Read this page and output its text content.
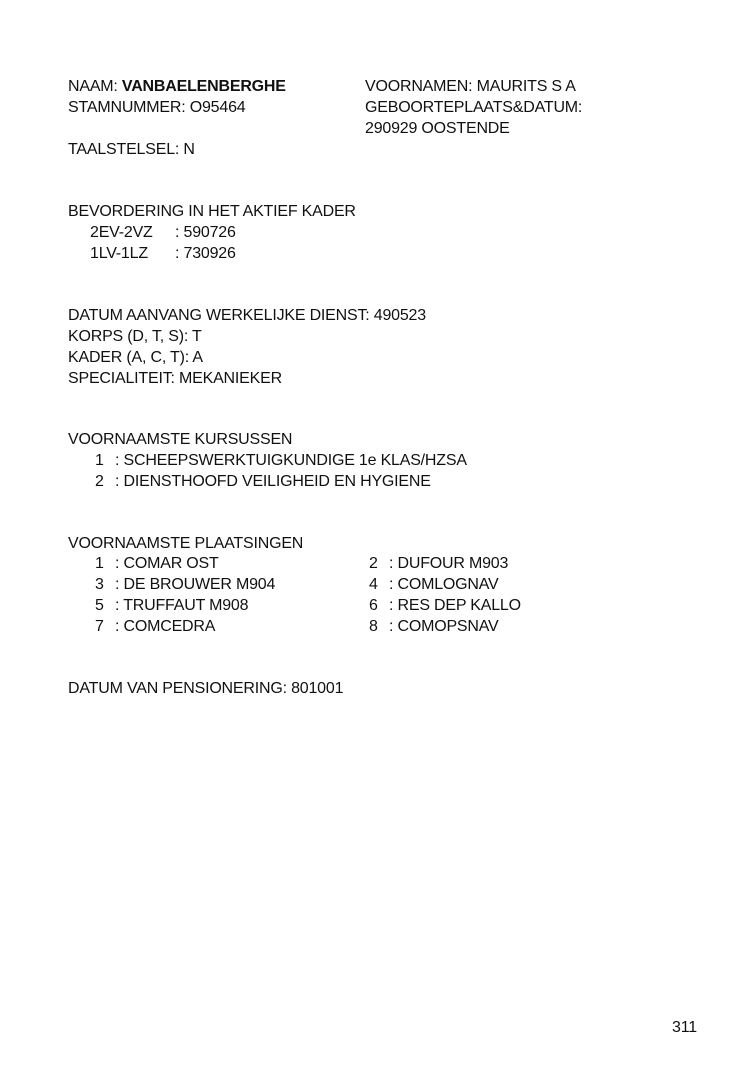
NAAM: VANBAELENBERGHE
STAMNUMMER: O95464
VOORNAMEN: MAURITS S A
GEBOORTEPLAATS&DATUM:
290929 OOSTENDE
TAALSTELSEL: N
BEVORDERING IN HET AKTIEF KADER
2EV-2VZ : 590726
1LV-1LZ : 730926
DATUM AANVANG WERKELIJKE DIENST: 490523
KORPS (D, T, S): T
KADER (A, C, T): A
SPECIALITEIT: MEKANIEKER
VOORNAAMSTE KURSUSSEN
1 : SCHEEPSWERKTUIGKUNDIGE 1e KLAS/HZSA
2 : DIENSTHOOFD VEILIGHEID EN HYGIENE
VOORNAAMSTE PLAATSINGEN
1 : COMAR OST	2 : DUFOUR M903
3 : DE BROUWER M904	4 : COMLOGNAV
5 : TRUFFAUT M908	6 : RES DEP KALLO
7 : COMCEDRA	8 : COMOPSNAV
DATUM VAN PENSIONERING: 801001
311
